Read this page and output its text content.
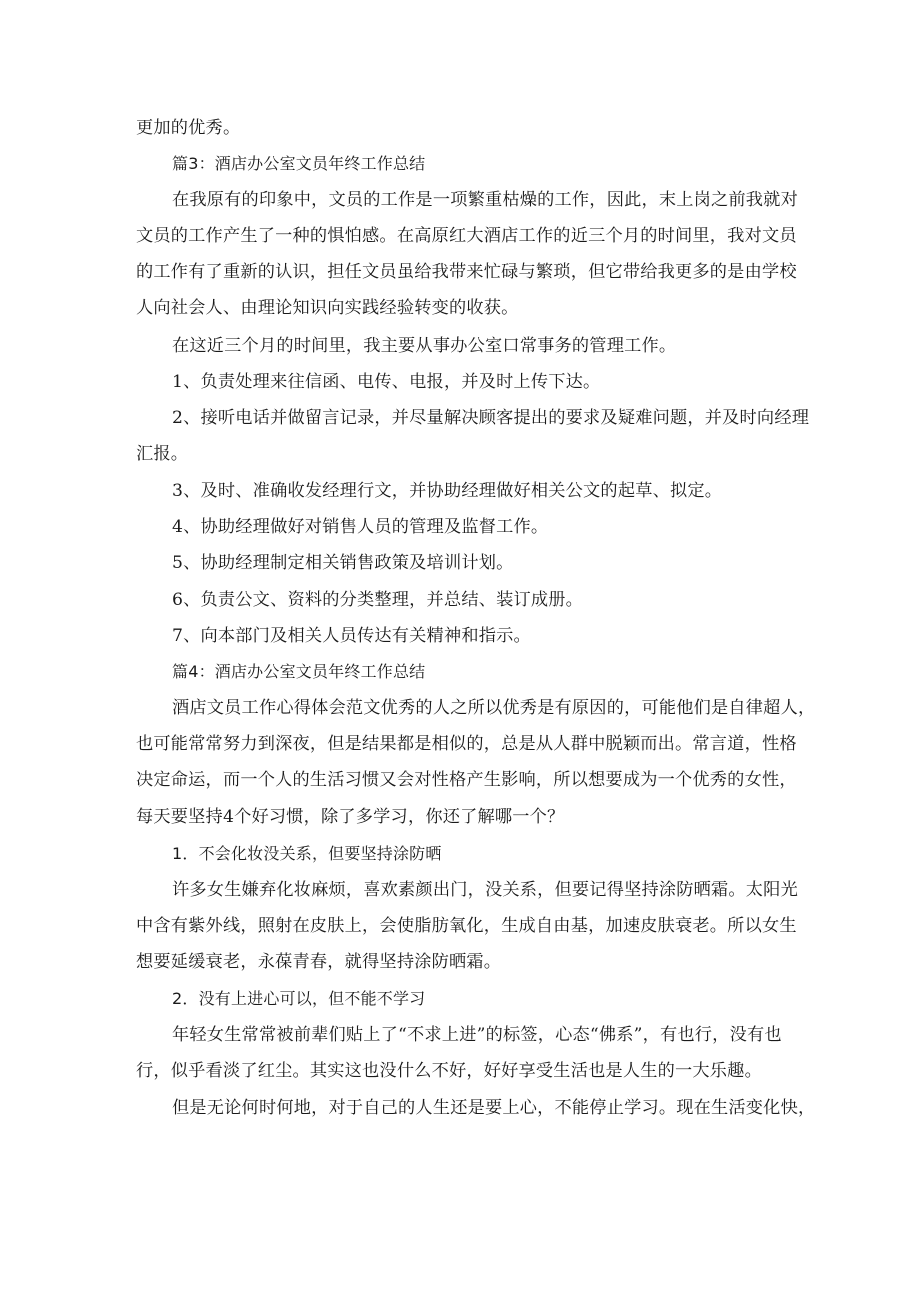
更加的优秀。
篇3：酒店办公室文员年终工作总结
在我原有的印象中，文员的工作是一项繁重枯燥的工作，因此，末上岗之前我就对
文员的工作产生了一种的惧怕感。在高原红大酒店工作的近三个月的时间里，我对文员
的工作有了重新的认识，担任文员虽给我带来忙碌与繁琐，但它带给我更多的是由学校
人向社会人、由理论知识向实践经验转变的收获。
在这近三个月的时间里，我主要从事办公室口常事务的管理工作。
1、负责处理来往信函、电传、电报，并及时上传下达。
2、接听电话并做留言记录，并尽量解决顾客提出的要求及疑难问题，并及时向经理
汇报。
3、及时、准确收发经理行文，并协助经理做好相关公文的起草、拟定。
4、协助经理做好对销售人员的管理及监督工作。
5、协助经理制定相关销售政策及培训计划。
6、负责公文、资料的分类整理，并总结、装订成册。
7、向本部门及相关人员传达有关精神和指示。
篇4：酒店办公室文员年终工作总结
酒店文员工作心得体会范文优秀的人之所以优秀是有原因的，可能他们是自律超人，
也可能常常努力到深夜，但是结果都是相似的，总是从人群中脱颖而出。常言道，性格
决定命运，而一个人的生活习惯又会对性格产生影响，所以想要成为一个优秀的女性，
每天要坚持4个好习惯，除了多学习，你还了解哪一个？
1．不会化妆没关系，但要坚持涂防晒
许多女生嫌弃化妆麻烦，喜欢素颜出门，没关系，但要记得坚持涂防晒霜。太阳光
中含有紫外线，照射在皮肤上，会使脂肪氧化，生成自由基，加速皮肤衰老。所以女生
想要延缓衰老，永葆青春，就得坚持涂防晒霜。
2．没有上进心可以，但不能不学习
年轻女生常常被前辈们贴上了“不求上进”的标签，心态“佛系”，有也行，没有也
行，似乎看淡了红尘。其实这也没什么不好，好好享受生活也是人生的一大乐趣。
但是无论何时何地，对于自己的人生还是要上心，不能停止学习。现在生活变化快，
